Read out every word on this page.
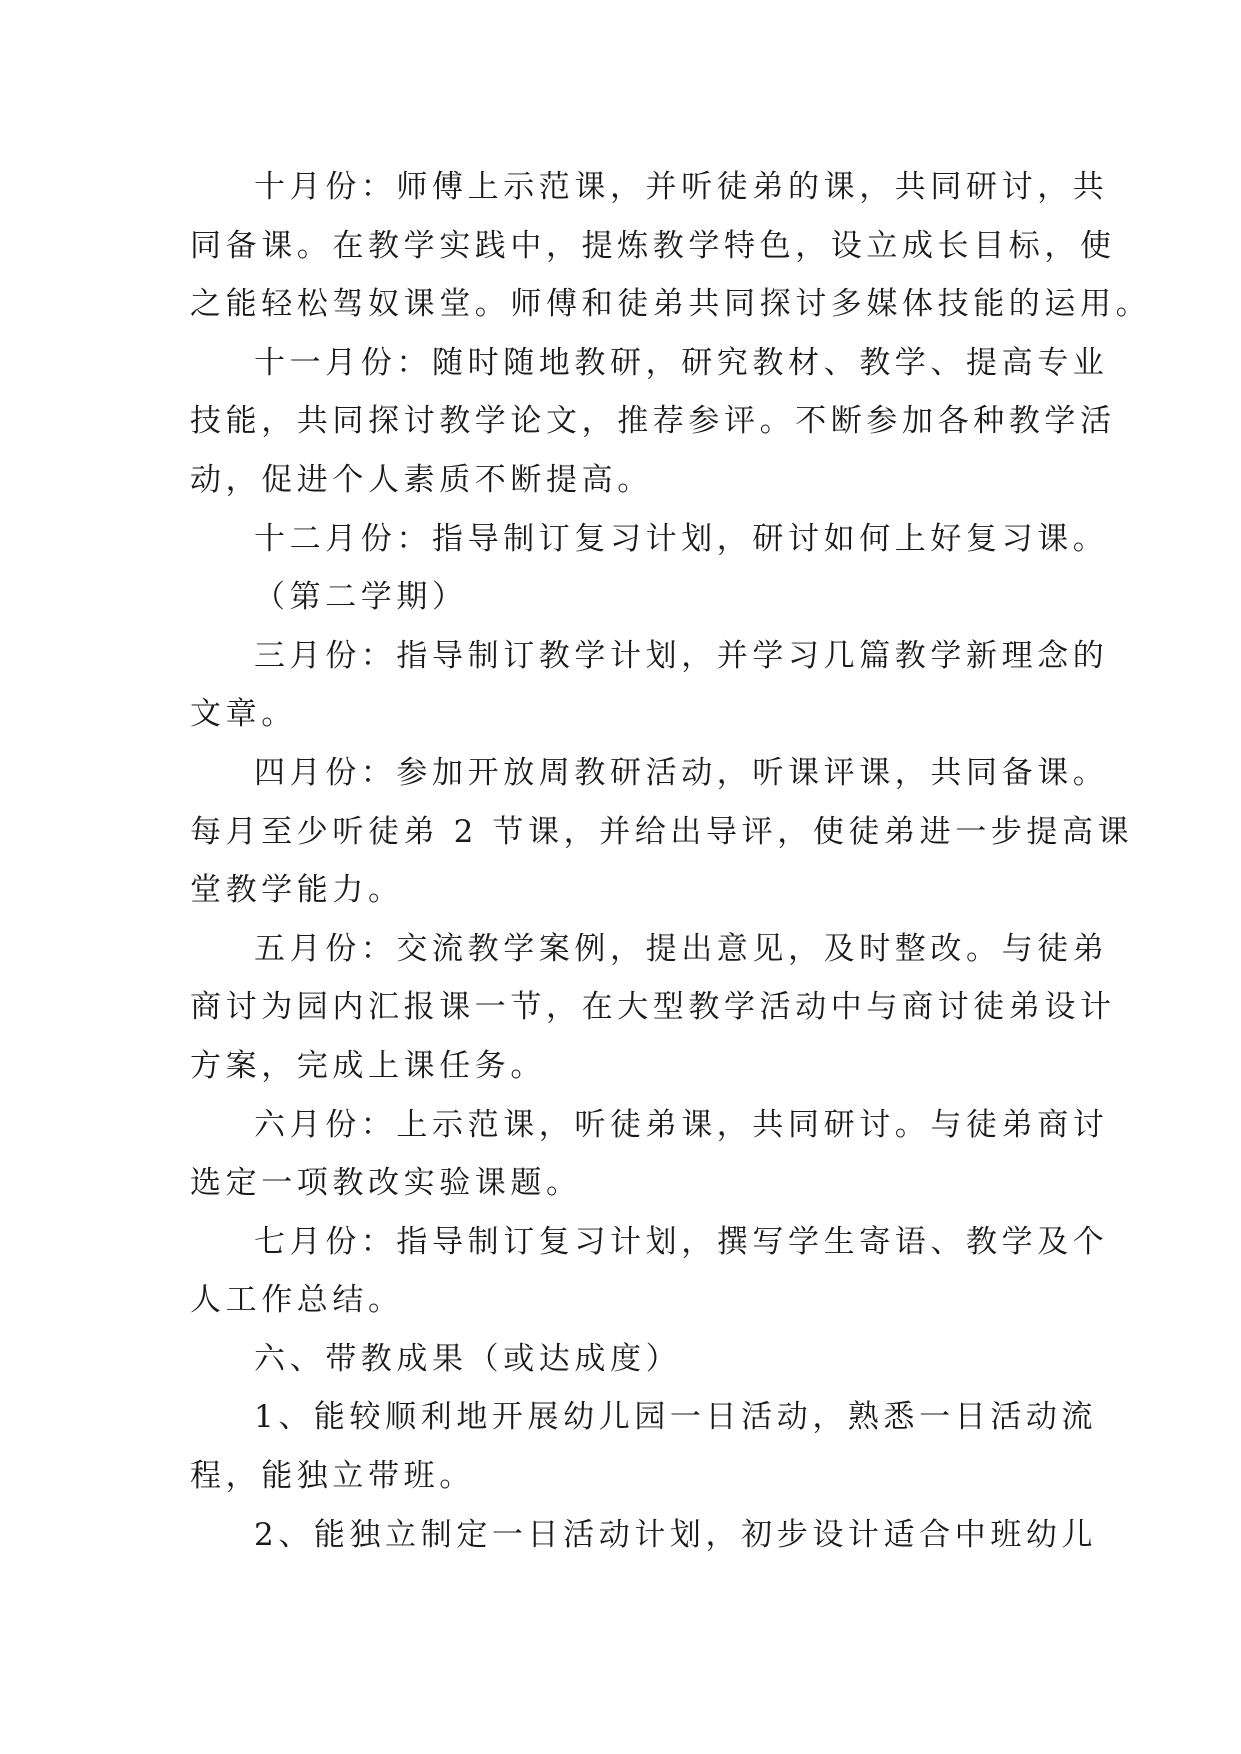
十月份：师傅上示范课，并听徒弟的课，共同研讨，共
同备课。在教学实践中，提炼教学特色，设立成长目标，使
之能轻松驾奴课堂。师傅和徒弟共同探讨多媒体技能的运用。
十一月份：随时随地教研，研究教材、教学、提高专业
技能，共同探讨教学论文，推荐参评。不断参加各种教学活
动，促进个人素质不断提高。
十二月份：指导制订复习计划，研讨如何上好复习课。
（第二学期）
三月份：指导制订教学计划，并学习几篇教学新理念的
文章。
四月份：参加开放周教研活动，听课评课，共同备课。
每月至少听徒弟 2 节课，并给出导评，使徒弟进一步提高课
堂教学能力。
五月份：交流教学案例，提出意见，及时整改。与徒弟
商讨为园内汇报课一节，在大型教学活动中与商讨徒弟设计
方案，完成上课任务。
六月份：上示范课，听徒弟课，共同研讨。与徒弟商讨
选定一项教改实验课题。
七月份：指导制订复习计划，撰写学生寄语、教学及个
人工作总结。
六、带教成果（或达成度）
1、能较顺利地开展幼儿园一日活动，熟悉一日活动流
程，能独立带班。
2、能独立制定一日活动计划，初步设计适合中班幼儿
